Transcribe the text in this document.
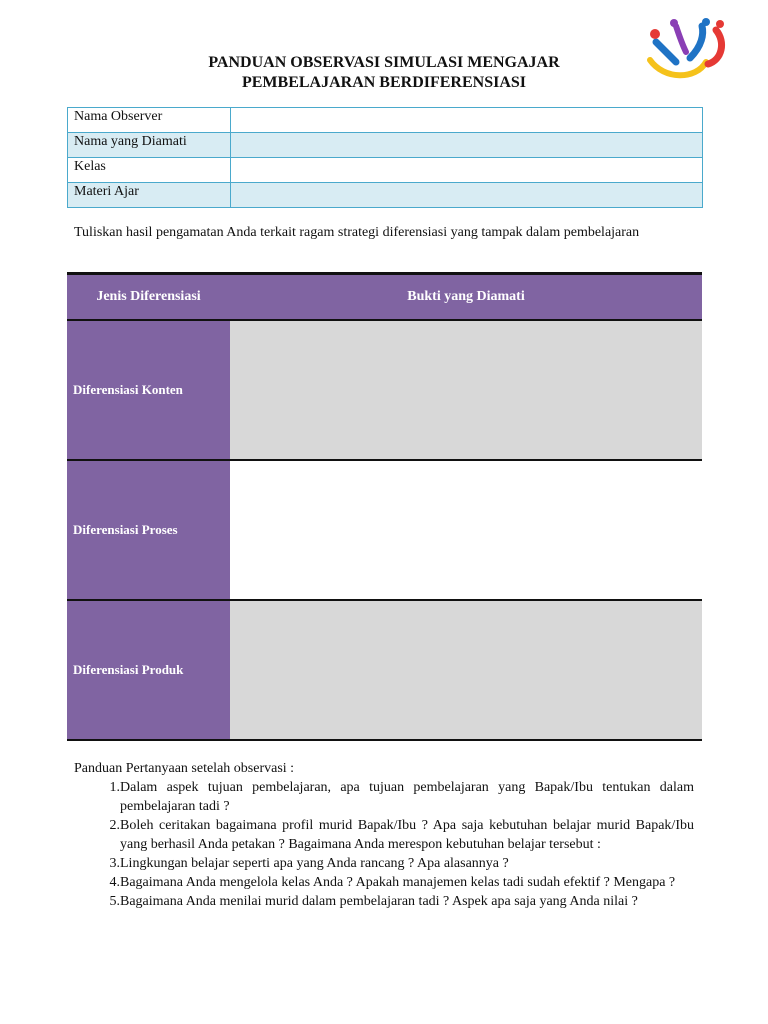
PANDUAN OBSERVASI SIMULASI MENGAJAR
PEMBELAJARAN BERDIFERENSIASI
Nama Observer	
Nama yang Diamati	
Kelas	
Materi Ajar	
Tuliskan hasil pengamatan Anda terkait ragam strategi diferensiasi yang tampak dalam pembelajaran
Jenis Diferensiasi	Bukti yang Diamati
Diferensiasi Konten
Diferensiasi Proses
Diferensiasi Produk
Panduan Pertanyaan setelah observasi :
1. Dalam aspek tujuan pembelajaran, apa tujuan pembelajaran yang Bapak/Ibu tentukan dalam pembelajaran tadi ?
2. Boleh ceritakan bagaimana profil murid Bapak/Ibu ? Apa saja kebutuhan belajar murid Bapak/Ibu yang berhasil Anda petakan ? Bagaimana Anda merespon kebutuhan belajar tersebut :
3. Lingkungan belajar seperti apa yang Anda rancang ? Apa alasannya ?
4. Bagaimana Anda mengelola kelas Anda ? Apakah manajemen kelas tadi sudah efektif ? Mengapa ?
5. Bagaimana Anda menilai murid dalam pembelajaran tadi ? Aspek apa saja yang Anda nilai ?
